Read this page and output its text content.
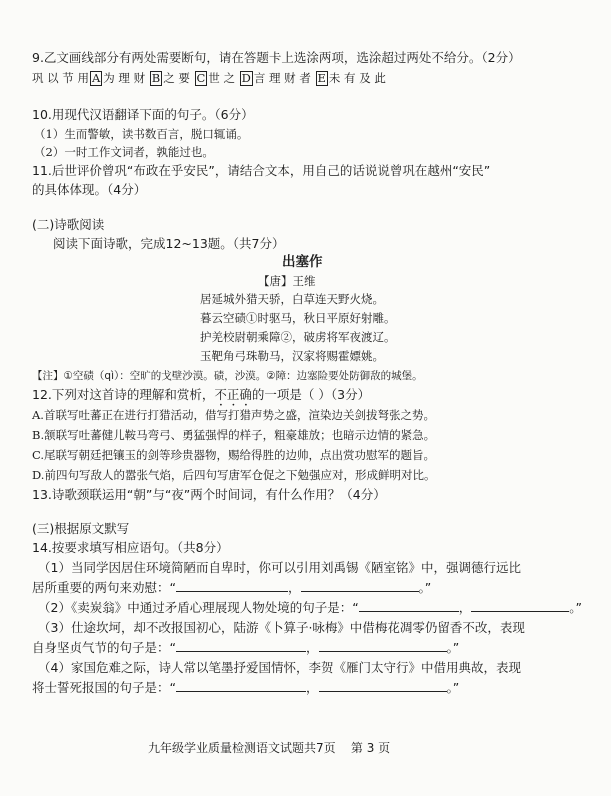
9.乙文画线部分有两处需要断句，请在答题卡上选涂两项，选涂超过两处不给分。（2分）
巩 以 节 用 A 为 理 财 B 之 要 C 世 之 D 言 理 财 者 E 未 有 及 此
10.用现代汉语翻译下面的句子。（6分）
（1）生而警敏，读书数百言，脱口辄诵。
（2）一时工作文词者，孰能过也。
11.后世评价曾巩“布政在乎安民”，请结合文本，用自己的话说说曾巩在越州“安民”
的具体体现。（4分）
(二)诗歌阅读
阅读下面诗歌，完成12~13题。（共7分）
出塞作
【唐】王维
居延城外猎天骄，白草连天野火烧。
暮云空碛①时驱马，秋日平原好射雕。
护羌校尉朝乘障②，破虏将军夜渡辽。
玉靶角弓珠勒马，汉家将赐霍嫖姚。
【注】①空碛（qì）：空旷的戈壁沙漠。碛，沙漠。②障：边塞险要处防御敌的城堡。
12.下列对这首诗的理解和赏析，不正确的一项是（ ）（3分）
A.首联写吐蕃正在进行打猎活动，借写打猎声势之盛，渲染边关剑拔弩张之势。
B.颔联写吐蕃健儿鞍马弯弓、勇猛强悍的样子，粗豪雄放；也暗示边情的紧急。
C.尾联写朝廷把镶玉的剑等珍贵器物，赐给得胜的边帅，点出赏功慰军的题旨。
D.前四句写敌人的嚣张气焰，后四句写唐军仓促之下勉强应对，形成鲜明对比。
13.诗歌颈联运用“朝”与“夜”两个时间词，有什么作用？（4分）
(三)根据原文默写
14.按要求填写相应语句。（共8分）
（1）当同学因居住环境简陋而自卑时，你可以引用刘禹锡《陋室铭》中，强调德行远比
居所重要的两句来劝慰：“	，	。”
（2）《卖炭翁》中通过矛盾心理展现人物处境的句子是：“	，	。”
（3）仕途坎坷，却不改报国初心，陆游《卜算子·咏梅》中借梅花凋零仍留香不改，表现
自身坚贞气节的句子是：“	，	。”
（4）家国危难之际，诗人常以笔墨抒爱国情怀，李贺《雁门太守行》中借用典故，表现
将士誓死报国的句子是：“	，	。”
九年级学业质量检测语文试题共7页    第 3 页
